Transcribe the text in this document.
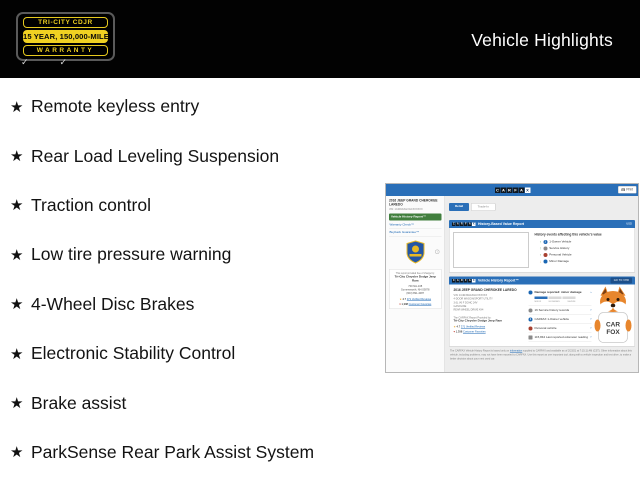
TRI-CITY CDJR
15 YEAR, 150,000-MILE
WARRANTY
✓	✓
Vehicle Highlights
★ Remote keyless entry
★ Rear Load Leveling Suspension
★ Traction control
★ Low tire pressure warning
★ 4-Wheel Disc Brakes
★ Electronic Stability Control
★ Brake assist
★ ParkSense Rear Park Assist System
C A R F A X	Print
2016 JEEP GRAND CHEROKEE LAREDO
VIN: 1C4RJFAGXGCXXXXXX
Vehicle History Report™
Warranty Check™
Buyback Guarantee™
i
This report provided free of charge by:
Tri-City Chrysler Dodge Jeep Ram
700 NH-108
Somersworth, NH 03878
(603) 891-4087
★ 4.7 371 Verified Reviews
♥ 1,398 Customer Favorites
Retail	Trade-In
C A R F A X History-Based Value Report	USD
History events affecting this vehicle's value
↑ 1 1-Owner Vehicle
↑ Service History
↑ Personal Vehicle
↓ Minor Damage
C A R F A X Vehicle History Report™	GO TO VHR
2016 JEEP GRAND CHEROKEE LAREDO
VIN: 1C4RJFAGXGCXXXXXX
4-DOOR WAGON/SPORT UTILITY
3.6L V6 F DOHC 24V
GASOLINE
REAR WHEEL DRIVE 4X4
The CARFAX Report Provided by:
Tri-City Chrysler Dodge Jeep Ram
★ 4.7 371 Verified Reviews
♥ 1,398 Customer Favorites
Damage reported: minor damage ›
MINOR MODERATE SEVERE
16 Service history records	›
1 CARFAX 1-Owner vehicle	›
Personal vehicle	›
115,842 Last reported odometer reading ›
CAR
FOX
The CARFAX Vehicle History Report is based only on information supplied to CARFAX and available as of 2/23/21 at 7:15:11 AM (CST). Other information about this vehicle, including problems, may not have been reported to CARFAX. Use this report as one important tool, along with a vehicle inspection and test drive, to make a better decision about your next used car.
